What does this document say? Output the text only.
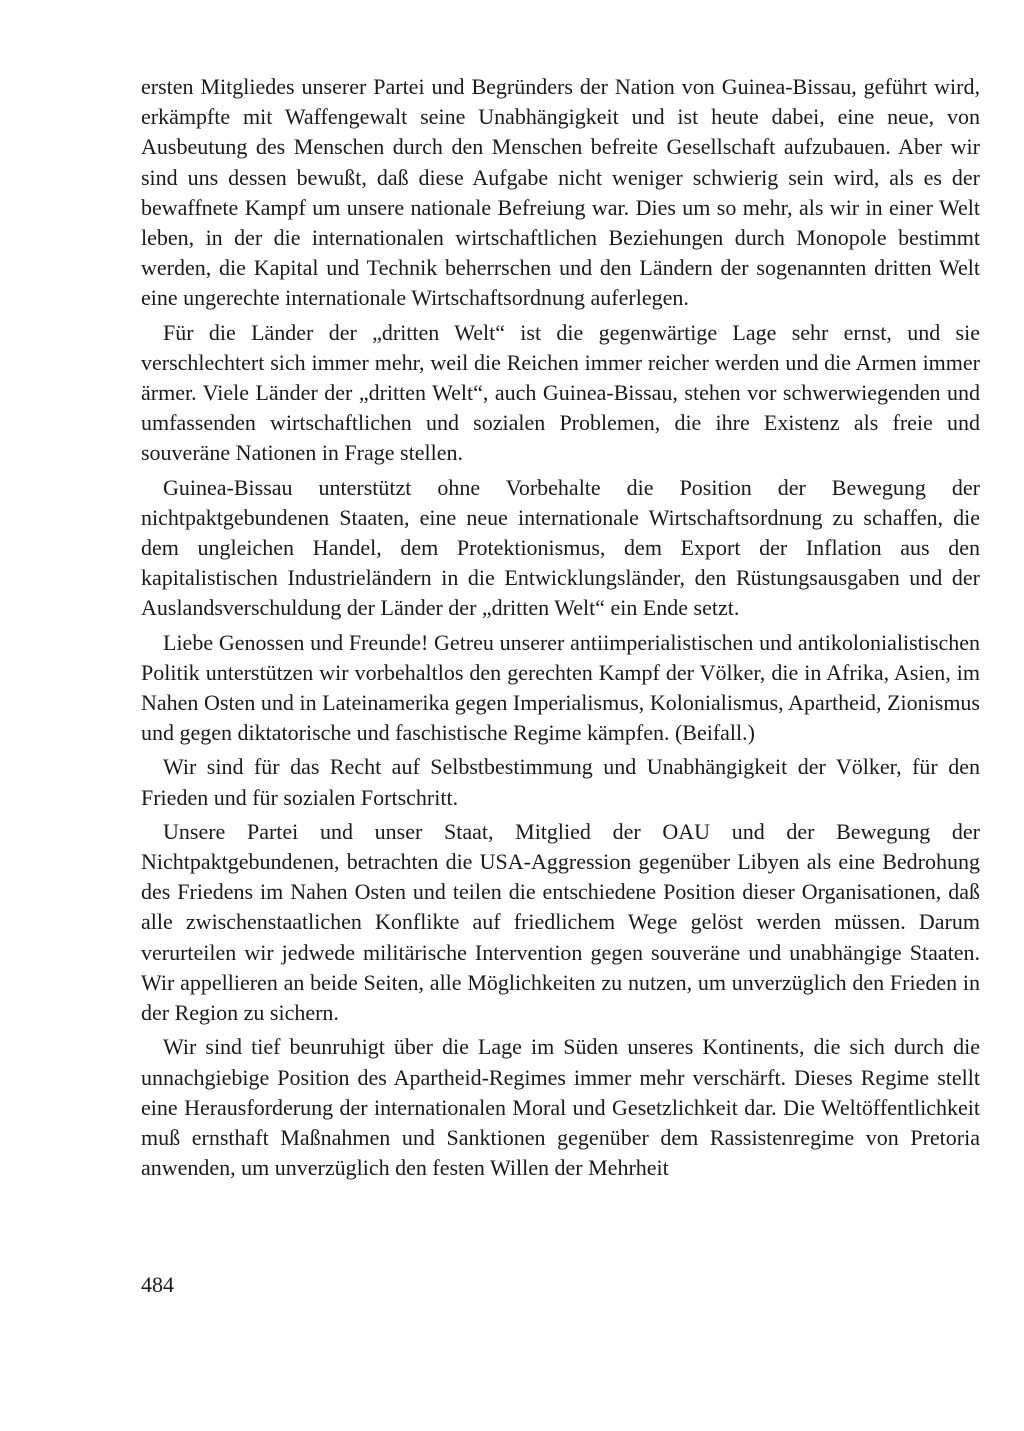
ersten Mitgliedes unserer Partei und Begründers der Nation von Guinea-Bissau, geführt wird, erkämpfte mit Waffengewalt seine Unabhängigkeit und ist heute dabei, eine neue, von Ausbeutung des Menschen durch den Menschen befreite Gesellschaft aufzubauen. Aber wir sind uns dessen bewußt, daß diese Aufgabe nicht weniger schwierig sein wird, als es der bewaffnete Kampf um unsere nationale Befreiung war. Dies um so mehr, als wir in einer Welt leben, in der die internationalen wirtschaftlichen Beziehungen durch Monopole bestimmt werden, die Kapital und Technik beherrschen und den Ländern der sogenannten dritten Welt eine ungerechte internationale Wirtschaftsordnung auferlegen.

Für die Länder der „dritten Welt“ ist die gegenwärtige Lage sehr ernst, und sie verschlechtert sich immer mehr, weil die Reichen immer reicher werden und die Armen immer ärmer. Viele Länder der „dritten Welt“, auch Guinea-Bissau, stehen vor schwerwiegenden und umfassenden wirtschaftlichen und sozialen Problemen, die ihre Existenz als freie und souveräne Nationen in Frage stellen.

Guinea-Bissau unterstützt ohne Vorbehalte die Position der Bewegung der nichtpaktgebundenen Staaten, eine neue internationale Wirtschaftsordnung zu schaffen, die dem ungleichen Handel, dem Protektionismus, dem Export der Inflation aus den kapitalistischen Industrieländern in die Entwicklungsländer, den Rüstungsausgaben und der Auslandsverschuldung der Länder der „dritten Welt“ ein Ende setzt.

Liebe Genossen und Freunde! Getreu unserer antiimperialistischen und antikolonialistischen Politik unterstützen wir vorbehaltlos den gerechten Kampf der Völker, die in Afrika, Asien, im Nahen Osten und in Lateinamerika gegen Imperialismus, Kolonialismus, Apartheid, Zionismus und gegen diktatorische und faschistische Regime kämpfen. (Beifall.)

Wir sind für das Recht auf Selbstbestimmung und Unabhängigkeit der Völker, für den Frieden und für sozialen Fortschritt.

Unsere Partei und unser Staat, Mitglied der OAU und der Bewegung der Nichtpaktgebundenen, betrachten die USA-Aggression gegenüber Libyen als eine Bedrohung des Friedens im Nahen Osten und teilen die entschiedene Position dieser Organisationen, daß alle zwischenstaatlichen Konflikte auf friedlichem Wege gelöst werden müssen. Darum verurteilen wir jedwede militärische Intervention gegen souveräne und unabhängige Staaten. Wir appellieren an beide Seiten, alle Möglichkeiten zu nutzen, um unverzüglich den Frieden in der Region zu sichern.

Wir sind tief beunruhigt über die Lage im Süden unseres Kontinents, die sich durch die unnachgiebige Position des Apartheid-Regimes immer mehr verschärft. Dieses Regime stellt eine Herausforderung der internationalen Moral und Gesetzlichkeit dar. Die Weltöffentlichkeit muß ernsthaft Maßnahmen und Sanktionen gegenüber dem Rassistenregime von Pretoria anwenden, um unverzüglich den festen Willen der Mehrheit

484
